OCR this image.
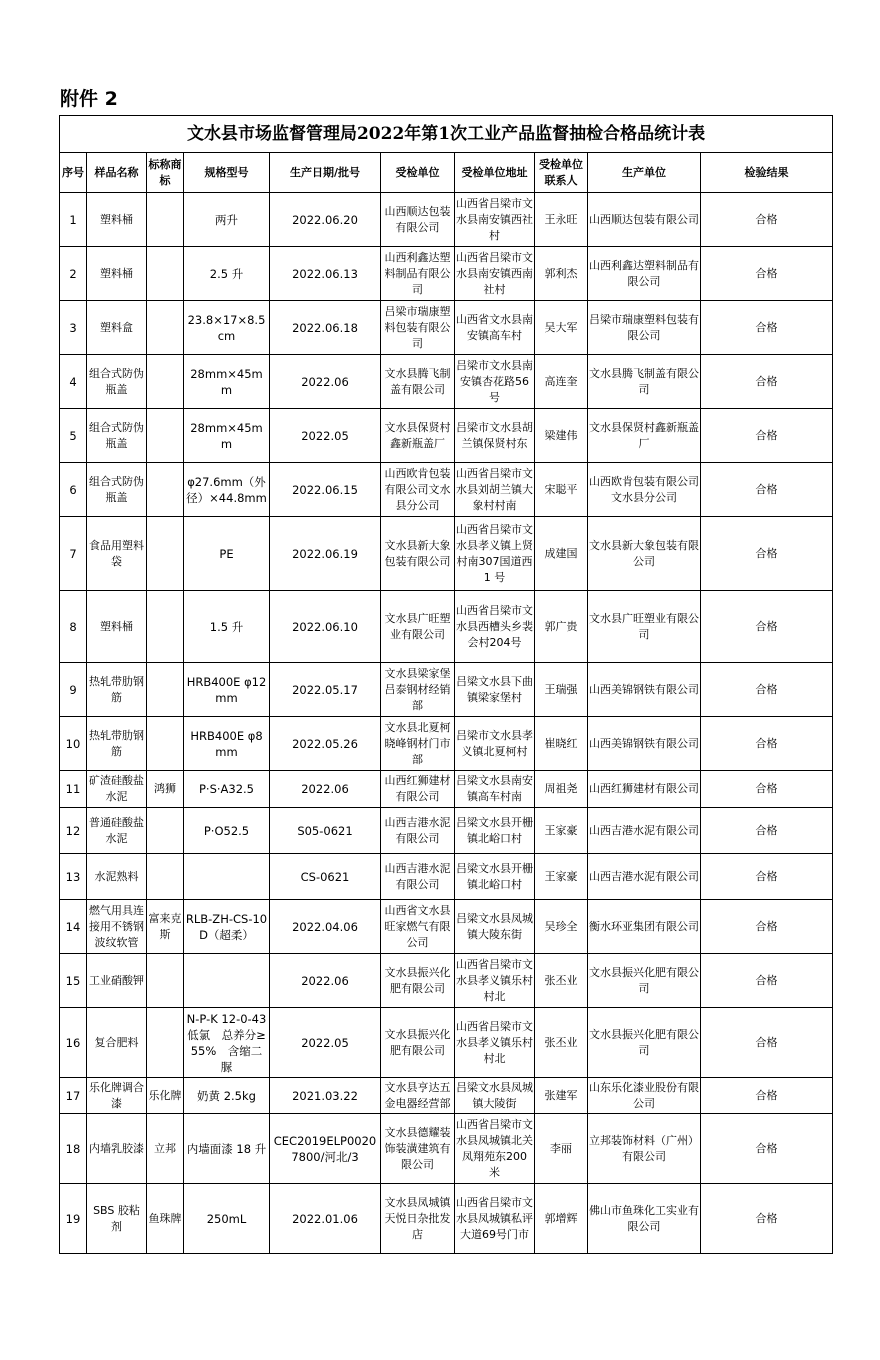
附件 2
文水县市场监督管理局2022年第1次工业产品监督抽检合格品统计表									
序号	样品名称	标称商标	规格型号	生产日期/批号	受检单位	受检单位地址	受检单位联系人	生产单位	检验结果
1	塑料桶		两升	2022.06.20	山西顺达包装有限公司	山西省吕梁市文水县南安镇西社村	王永旺	山西顺达包装有限公司	合格
2	塑料桶		2.5 升	2022.06.13	山西利鑫达塑料制品有限公司	山西省吕梁市文水县南安镇西南社村	郭利杰	山西利鑫达塑料制品有限公司	合格
3	塑料盒		23.8×17×8.5cm	2022.06.18	吕梁市瑞康塑料包装有限公司	山西省文水县南安镇高车村	吴大军	吕梁市瑞康塑料包装有限公司	合格
4	组合式防伪瓶盖		28mm×45mm	2022.06	文水县腾飞制盖有限公司	吕梁市文水县南安镇杏花路56 号	高连奎	文水县腾飞制盖有限公司	合格
5	组合式防伪瓶盖		28mm×45mm	2022.05	文水县保贤村鑫新瓶盖厂	吕梁市文水县胡兰镇保贤村东	梁建伟	文水县保贤村鑫新瓶盖厂	合格
6	组合式防伪瓶盖		φ27.6mm（外径）×44.8mm	2022.06.15	山西欧肯包装有限公司文水县分公司	山西省吕梁市文水县刘胡兰镇大象村村南	宋聪平	山西欧肯包装有限公司文水县分公司	合格
7	食品用塑料袋		PE	2022.06.19	文水县新大象包装有限公司	山西省吕梁市文水县孝义镇上贤村南307国道西1 号	成建国	文水县新大象包装有限公司	合格
8	塑料桶		1.5 升	2022.06.10	文水县广旺塑业有限公司	山西省吕梁市文水县西槽头乡裴会村204号	郭广贵	文水县广旺塑业有限公司	合格
9	热轧带肋钢筋		HRB400E φ12mm	2022.05.17	文水县梁家堡吕泰钢材经销部	吕梁文水县下曲镇梁家堡村	王瑞强	山西美锦钢铁有限公司	合格
10	热轧带肋钢筋		HRB400E φ8mm	2022.05.26	文水县北夏柯晓峰钢材门市部	吕梁市文水县孝义镇北夏柯村	崔晓红	山西美锦钢铁有限公司	合格
11	矿渣硅酸盐水泥	鸿狮	P·S·A32.5	2022.06	山西红狮建材有限公司	吕梁文水县南安镇高车村南	周祖尧	山西红狮建材有限公司	合格
12	普通硅酸盐水泥		P·O52.5	S05-0621	山西吉港水泥有限公司	吕梁文水县开栅镇北峪口村	王家豪	山西吉港水泥有限公司	合格
13	水泥熟料			CS-0621	山西吉港水泥有限公司	吕梁文水县开栅镇北峪口村	王家豪	山西吉港水泥有限公司	合格
14	燃气用具连接用不锈钢波纹软管	富来克斯	RLB-ZH-CS-10D（超柔）	2022.04.06	山西省文水县旺家燃气有限公司	吕梁文水县凤城镇大陵东街	吴珍全	衡水环亚集团有限公司	合格
15	工业硝酸钾			2022.06	文水县振兴化肥有限公司	山西省吕梁市文水县孝义镇乐村村北	张丕业	文水县振兴化肥有限公司	合格
16	复合肥料		N-P-K 12-0-43 低氯　总养分≥55%　含缩二脲	2022.05	文水县振兴化肥有限公司	山西省吕梁市文水县孝义镇乐村村北	张丕业	文水县振兴化肥有限公司	合格
17	乐化牌调合漆	乐化牌	奶黄 2.5kg	2021.03.22	文水县亨达五金电器经营部	吕梁文水县凤城镇大陵街	张建军	山东乐化漆业股份有限公司	合格
18	内墙乳胶漆	立邦	内墙面漆 18 升	CEC2019ELP00207800/河北/3	文水县德耀装饰装潢建筑有限公司	山西省吕梁市文水县凤城镇北关凤翔苑东200 米	李丽	立邦装饰材料（广州）有限公司	合格
19	SBS 胶粘剂	鱼珠牌	250mL	2022.01.06	文水县凤城镇天悦日杂批发店	山西省吕梁市文水县凤城镇私评大道69号门市	郭增辉	佛山市鱼珠化工实业有限公司	合格
